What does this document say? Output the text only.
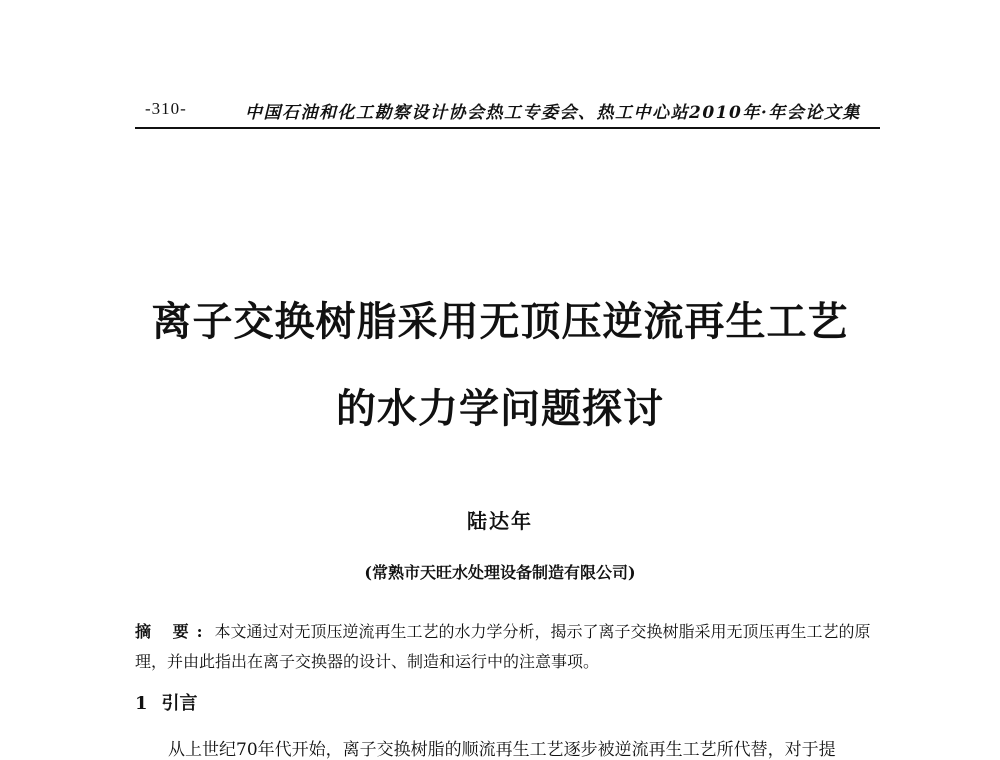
-310-	中国石油和化工勘察设计协会热工专委会、热工中心站2010年·年会论文集
离子交换树脂采用无顶压逆流再生工艺
的水力学问题探讨
陆达年
(常熟市天旺水处理设备制造有限公司)
摘 要: 本文通过对无顶压逆流再生工艺的水力学分析，揭示了离子交换树脂采用无顶压再生工艺的原理，并由此指出在离子交换器的设计、制造和运行中的注意事项。
1 引言
从上世纪70年代开始，离子交换树脂的顺流再生工艺逐步被逆流再生工艺所代替，对于提
